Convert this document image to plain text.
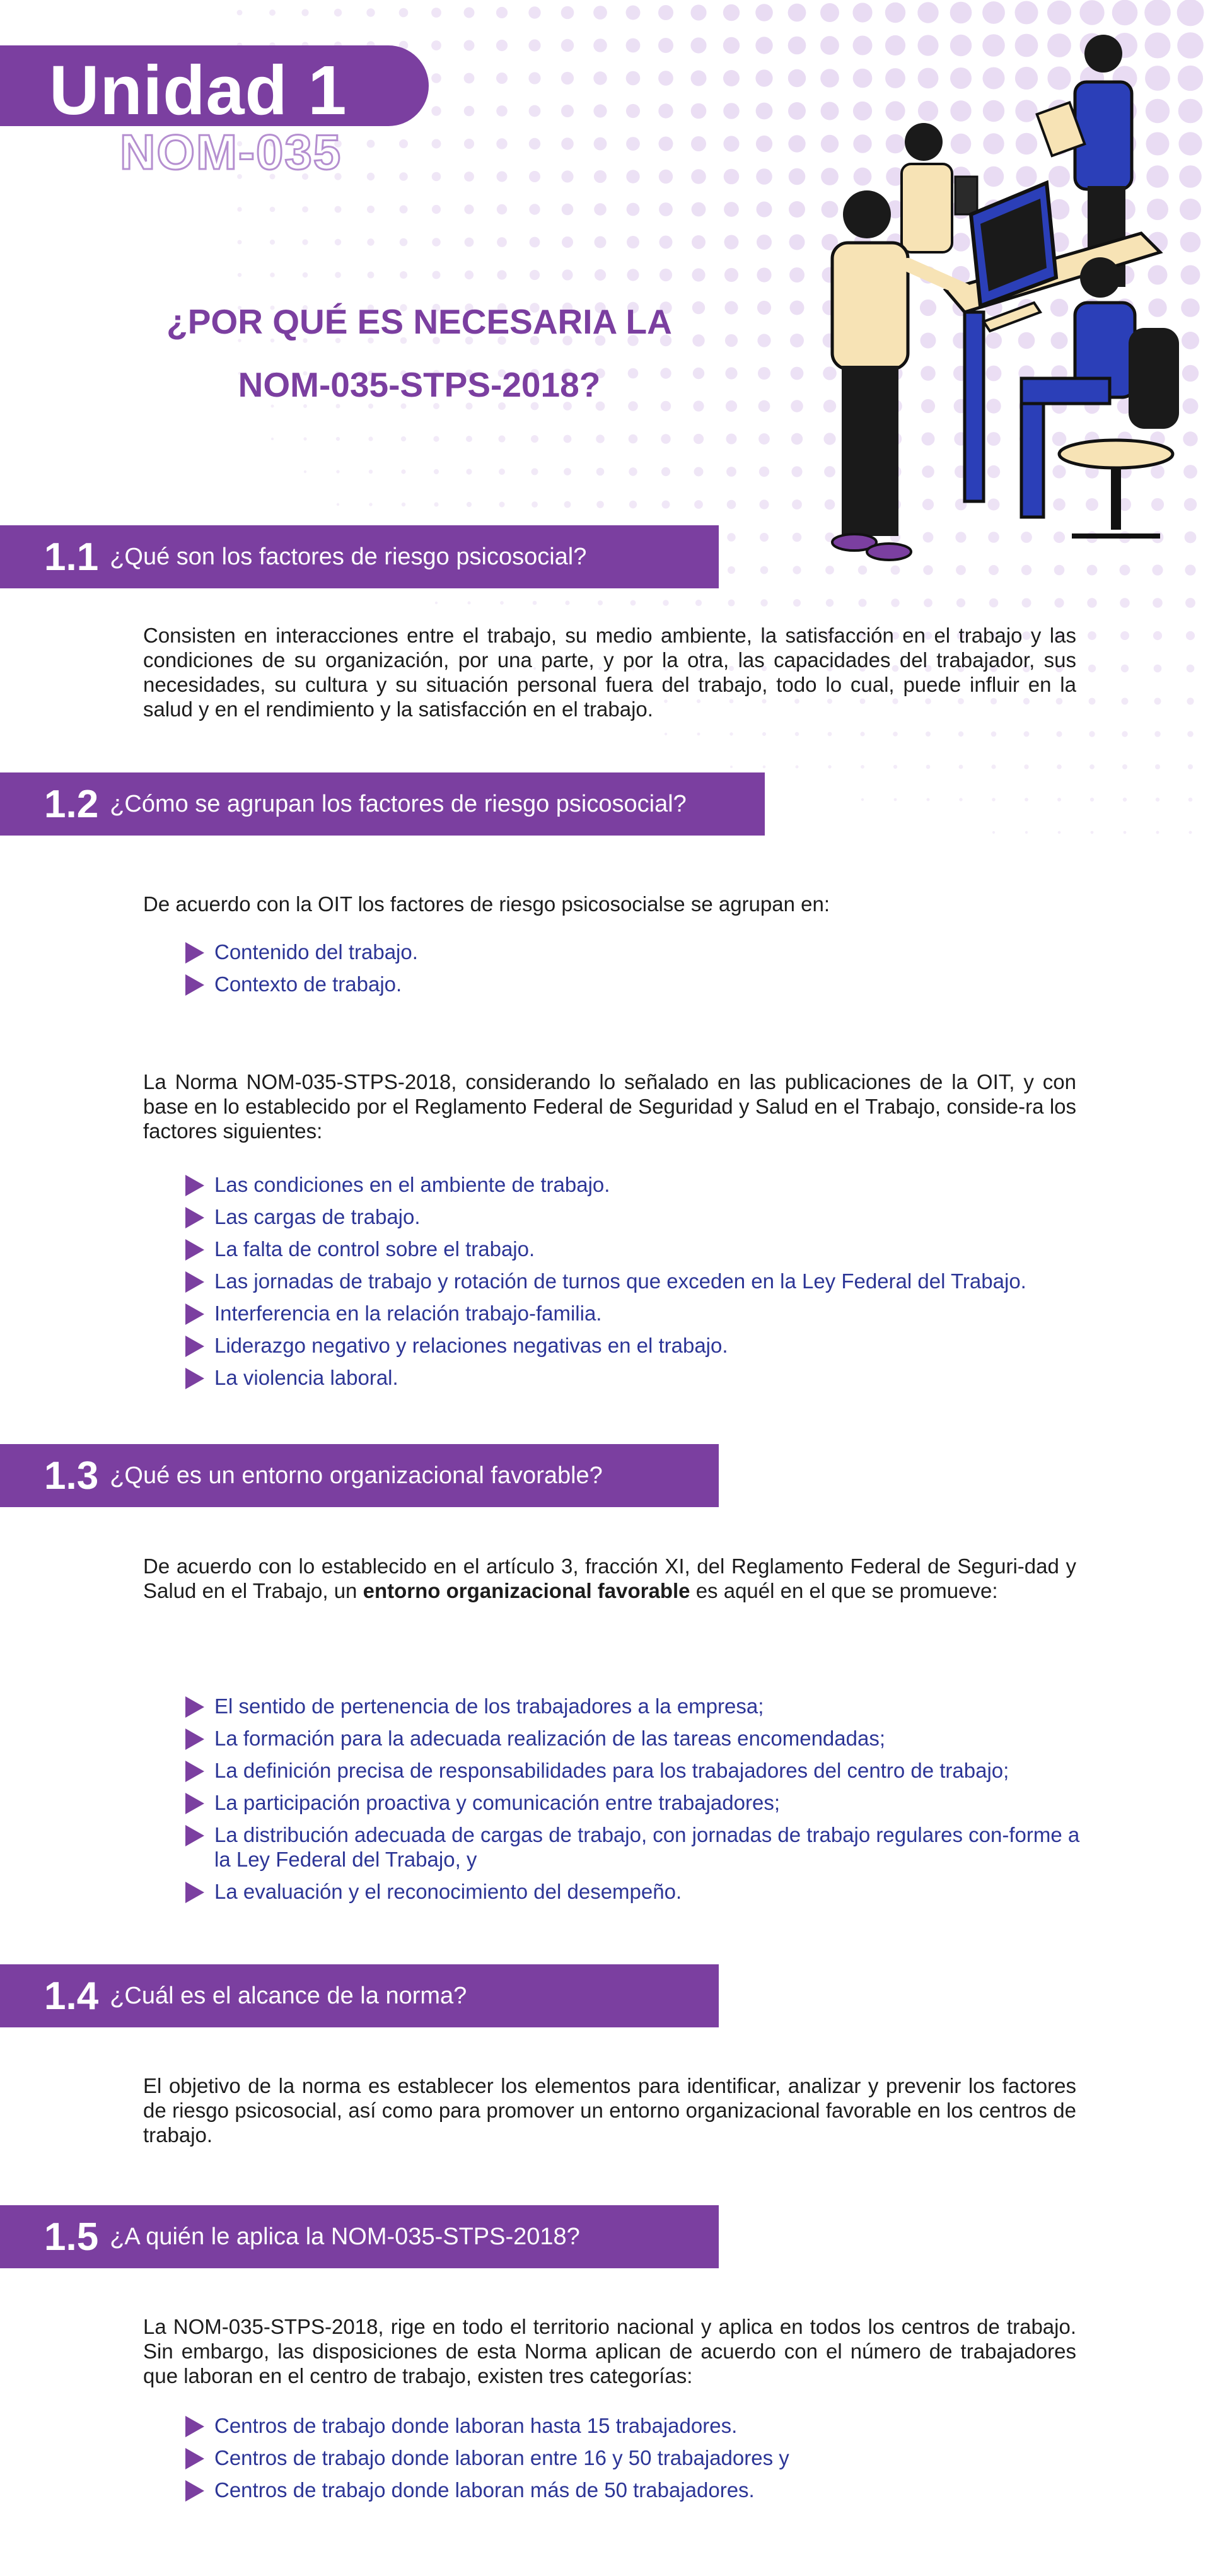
Unidad 1
NOM-035
¿POR QUÉ ES NECESARIA LA
NOM-035-STPS-2018?
1.1 ¿Qué son los factores de riesgo psicosocial?
Consisten en interacciones entre el trabajo, su medio ambiente, la satisfacción en el trabajo y las condiciones de su organización, por una parte, y por la otra, las capacidades del trabajador, sus necesidades, su cultura y su situación personal fuera del trabajo, todo lo cual, puede influir en la salud y en el rendimiento y la satisfacción en el trabajo.
1.2 ¿Cómo se agrupan los factores de riesgo psicosocial?
De acuerdo con la OIT los factores de riesgo psicosocialse se agrupan en:
Contenido del trabajo.
Contexto de trabajo.
La Norma NOM-035-STPS-2018, considerando lo señalado en las publicaciones de la OIT, y con base en lo establecido por el Reglamento Federal de Seguridad y Salud en el Trabajo, conside-ra los factores siguientes:
Las condiciones en el ambiente de trabajo.
Las cargas de trabajo.
La falta de control sobre el trabajo.
Las jornadas de trabajo y rotación de turnos que exceden en la Ley Federal del Trabajo.
Interferencia en la relación trabajo-familia.
Liderazgo negativo y relaciones negativas en el trabajo.
La violencia laboral.
1.3 ¿Qué es un entorno organizacional favorable?
De acuerdo con lo establecido en el artículo 3, fracción XI, del Reglamento Federal de Seguri-dad y Salud en el Trabajo, un entorno organizacional favorable es aquél en el que se promueve:
El sentido de pertenencia de los trabajadores a la empresa;
La formación para la adecuada realización de las tareas encomendadas;
La definición precisa de responsabilidades para los trabajadores del centro de trabajo;
La participación proactiva y comunicación entre trabajadores;
La distribución adecuada de cargas de trabajo, con jornadas de trabajo regulares con-forme a la Ley Federal del Trabajo, y
La evaluación y el reconocimiento del desempeño.
1.4 ¿Cuál es el alcance de la norma?
El objetivo de la norma es establecer los elementos para identificar, analizar y prevenir los factores de riesgo psicosocial, así como para promover un entorno organizacional favorable en los centros de trabajo.
1.5 ¿A quién le aplica la NOM-035-STPS-2018?
La NOM-035-STPS-2018, rige en todo el territorio nacional y aplica en todos los centros de trabajo. Sin embargo, las disposiciones de esta Norma aplican de acuerdo con el número de trabajadores que laboran en el centro de trabajo, existen tres categorías:
Centros de trabajo donde laboran hasta 15 trabajadores.
Centros de trabajo donde laboran entre 16 y 50 trabajadores y
Centros de trabajo donde laboran más de 50 trabajadores.
